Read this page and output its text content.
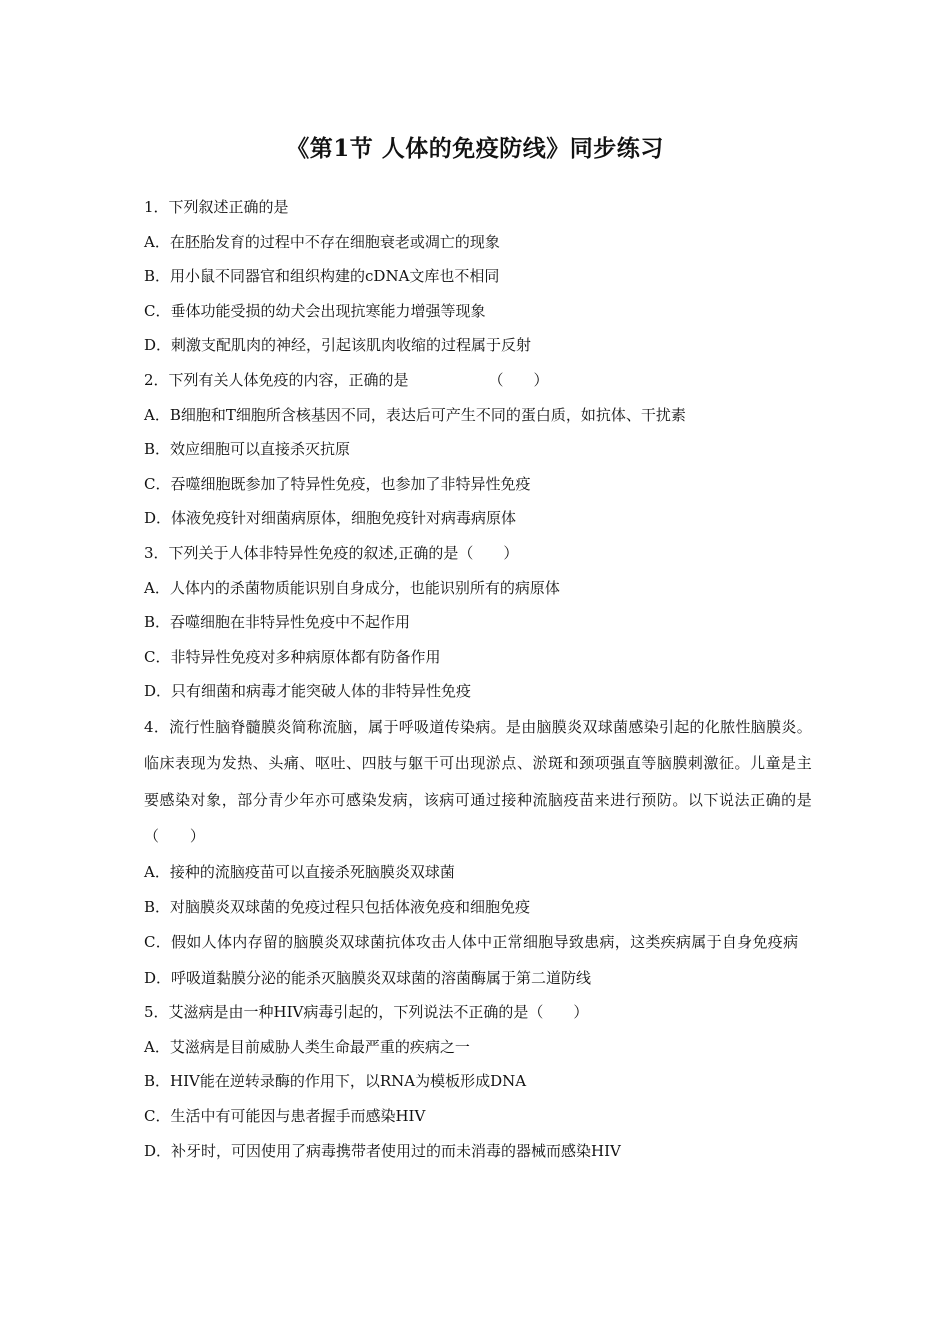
《第1节 人体的免疫防线》同步练习
1．下列叙述正确的是
A．在胚胎发育的过程中不存在细胞衰老或凋亡的现象
B．用小鼠不同器官和组织构建的cDNA文库也不相同
C．垂体功能受损的幼犬会出现抗寒能力增强等现象
D．刺激支配肌肉的神经，引起该肌肉收缩的过程属于反射
2．下列有关人体免疫的内容，正确的是	（　　）
A．B细胞和T细胞所含核基因不同，表达后可产生不同的蛋白质，如抗体、干扰素
B．效应细胞可以直接杀灭抗原
C．吞噬细胞既参加了特异性免疫，也参加了非特异性免疫
D．体液免疫针对细菌病原体，细胞免疫针对病毒病原体
3．下列关于人体非特异性免疫的叙述,正确的是（　　）
A．人体内的杀菌物质能识别自身成分，也能识别所有的病原体
B．吞噬细胞在非特异性免疫中不起作用
C．非特异性免疫对多种病原体都有防备作用
D．只有细菌和病毒才能突破人体的非特异性免疫
4．流行性脑脊髓膜炎简称流脑，属于呼吸道传染病。是由脑膜炎双球菌感染引起的化脓性脑膜炎。临床表现为发热、头痛、呕吐、四肢与躯干可出现淤点、淤斑和颈项强直等脑膜刺激征。儿童是主要感染对象，部分青少年亦可感染发病，该病可通过接种流脑疫苗来进行预防。以下说法正确的是（　　）
A．接种的流脑疫苗可以直接杀死脑膜炎双球菌
B．对脑膜炎双球菌的免疫过程只包括体液免疫和细胞免疫
C．假如人体内存留的脑膜炎双球菌抗体攻击人体中正常细胞导致患病，这类疾病属于自身免疫病
D．呼吸道黏膜分泌的能杀灭脑膜炎双球菌的溶菌酶属于第二道防线
5．艾滋病是由一种HIV病毒引起的，下列说法不正确的是（　　）
A．艾滋病是目前威胁人类生命最严重的疾病之一
B．HIV能在逆转录酶的作用下，以RNA为模板形成DNA
C．生活中有可能因与患者握手而感染HIV
D．补牙时，可因使用了病毒携带者使用过的而未消毒的器械而感染HIV
